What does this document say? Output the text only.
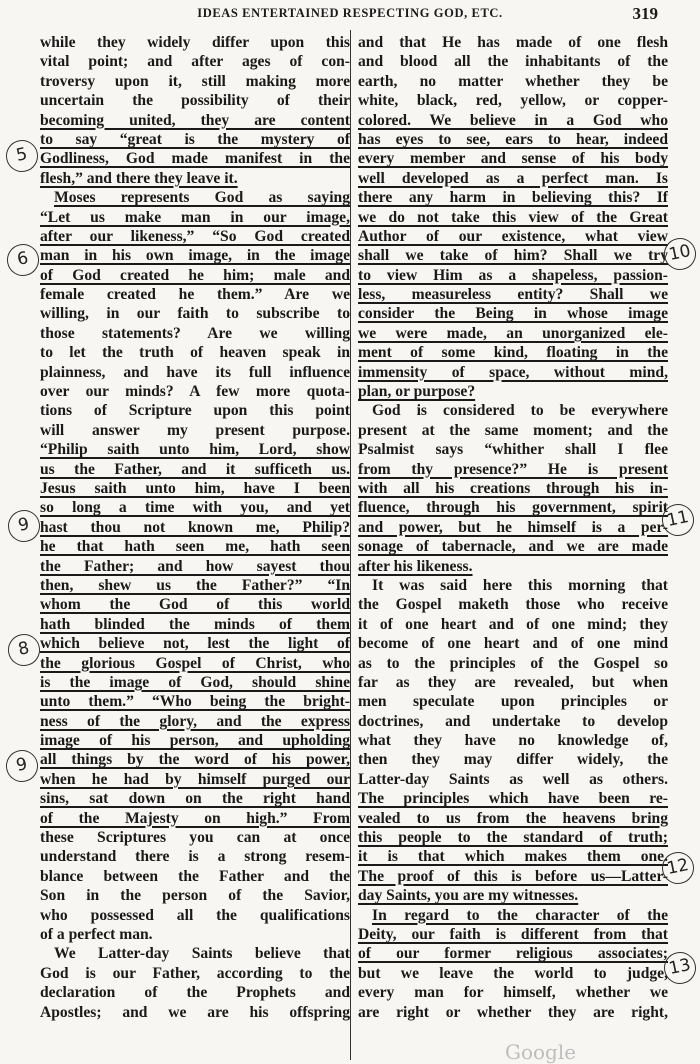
IDEAS ENTERTAINED RESPECTING GOD, ETC.	319
while they widely differ upon this
vital point; and after ages of con-
troversy upon it, still making more
uncertain the possibility of their
becoming united, they are content
to say “great is the mystery of
Godliness, God made manifest in the
flesh,” and there they leave it.
Moses represents God as saying
“Let us make man in our image,
after our likeness,” “So God created
man in his own image, in the image
of God created he him; male and
female created he them.” Are we
willing, in our faith to subscribe to
those statements? Are we willing
to let the truth of heaven speak in
plainness, and have its full influence
over our minds? A few more quota-
tions of Scripture upon this point
will answer my present purpose.
“Philip saith unto him, Lord, show
us the Father, and it sufficeth us.
Jesus saith unto him, have I been
so long a time with you, and yet
hast thou not known me, Philip?
he that hath seen me, hath seen
the Father; and how sayest thou
then, shew us the Father?” “In
whom the God of this world
hath blinded the minds of them
which believe not, lest the light of
the glorious Gospel of Christ, who
is the image of God, should shine
unto them.” “Who being the bright-
ness of the glory, and the express
image of his person, and upholding
all things by the word of his power,
when he had by himself purged our
sins, sat down on the right hand
of the Majesty on high.” From
these Scriptures you can at once
understand there is a strong resem-
blance between the Father and the
Son in the person of the Savior,
who possessed all the qualifications
of a perfect man.
We Latter-day Saints believe that
God is our Father, according to the
declaration of the Prophets and
Apostles; and we are his offspring
and that He has made of one flesh
and blood all the inhabitants of the
earth, no matter whether they be
white, black, red, yellow, or copper-
colored. We believe in a God who
has eyes to see, ears to hear, indeed
every member and sense of his body
well developed as a perfect man. Is
there any harm in believing this? If
we do not take this view of the Great
Author of our existence, what view
shall we take of him? Shall we try
to view Him as a shapeless, passion-
less, measureless entity? Shall we
consider the Being in whose image
we were made, an unorganized ele-
ment of some kind, floating in the
immensity of space, without mind,
plan, or purpose?
God is considered to be everywhere
present at the same moment; and the
Psalmist says “whither shall I flee
from thy presence?” He is present
with all his creations through his in-
fluence, through his government, spirit
and power, but he himself is a per-
sonage of tabernacle, and we are made
after his likeness.
It was said here this morning that
the Gospel maketh those who receive
it of one heart and of one mind; they
become of one heart and of one mind
as to the principles of the Gospel so
far as they are revealed, but when
men speculate upon principles or
doctrines, and undertake to develop
what they have no knowledge of,
then they may differ widely, the
Latter-day Saints as well as others.
The principles which have been re-
vealed to us from the heavens bring
this people to the standard of truth;
it is that which makes them one.
The proof of this is before us—Latter-
day Saints, you are my witnesses.
In regard to the character of the
Deity, our faith is different from that
of our former religious associates;
but we leave the world to judge,
every man for himself, whether we
are right or whether they are right,
5
6
9
8
9
10
11
12
13
Google
